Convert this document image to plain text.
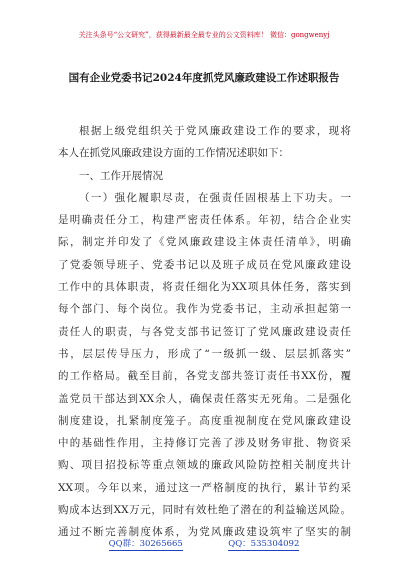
关注头条号“公文研究”，获得最新最全最专业的公文资料库！ 微信：gongwenyj
国有企业党委书记2024年度抓党风廉政建设工作述职报告
根据上级党组织关于党风廉政建设工作的要求，现将
本人在抓党风廉政建设方面的工作情况述职如下：
一、工作开展情况
（一）强化履职尽责，在强责任固根基上下功夫。一
是明确责任分工，构建严密责任体系。年初，结合企业实
际，制定并印发了《党风廉政建设主体责任清单》，明确
了党委领导班子、党委书记以及班子成员在党风廉政建设
工作中的具体职责，将责任细化为XX项具体任务，落实到
每个部门、每个岗位。我作为党委书记，主动承担起第一
责任人的职责，与各党支部书记签订了党风廉政建设责任
书，层层传导压力，形成了“一级抓一级、层层抓落实”
的工作格局。截至目前，各党支部共签订责任书XX份，覆
盖党员干部达到XX余人，确保责任落实无死角。二是强化
制度建设，扎紧制度笼子。高度重视制度在党风廉政建设
中的基础性作用，主持修订完善了涉及财务审批、物资采
购、项目招投标等重点领域的廉政风险防控相关制度共计
XX项。今年以来，通过这一严格制度的执行，累计节约采
购成本达到XX万元，同时有效杜绝了潜在的利益输送风险。
通过不断完善制度体系，为党风廉政建设筑牢了坚实的制
QQ群：30265665	QQ：535304092
